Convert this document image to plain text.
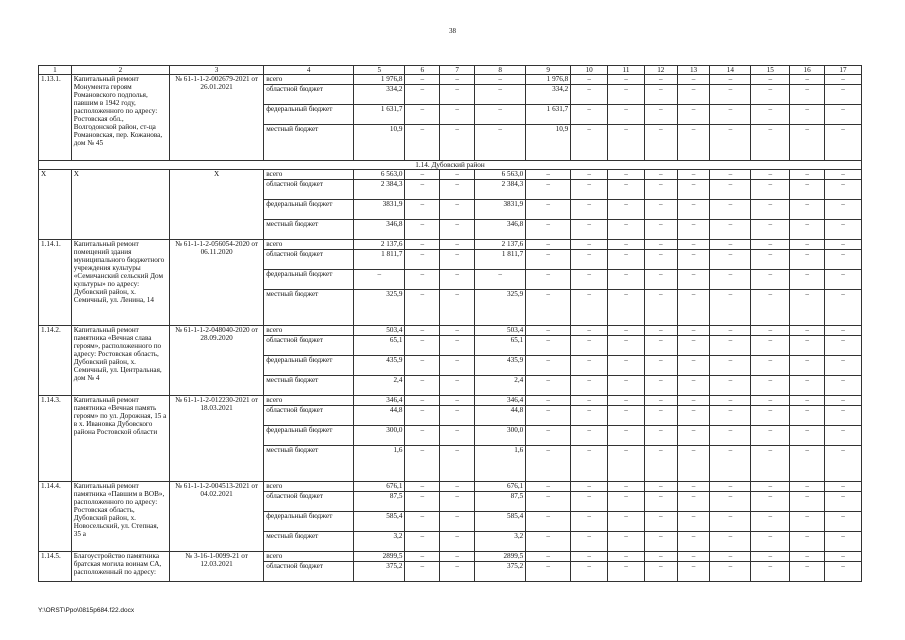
38
1	2	3	4	5	6	7	8	9	10	11	12	13	14	15	16	17
1.13.1.	Капитальный ремонт Монумента героям Романовского подполья, павшим в 1942 году, расположенного по адресу: Ростовская обл., Волгодонской район, ст-ца Романовская, пер. Кожанова, дом № 45	№ 61-1-1-2-002679-2021 от 26.01.2021	всего	1 976,8	–	–	–	1 976,8	–	–	–	–	–	–	–	–
			областной бюджет	334,2	–	–	–	334,2	–	–	–	–	–	–	–	–
			федеральный бюджет	1 631,7	–	–	–	1 631,7	–	–	–	–	–	–	–	–
			местный бюджет	10,9	–	–	–	10,9	–	–	–	–	–	–	–	–
1.14. Дубовский район																
Х	Х	Х	всего	6 563,0	–	–	6 563,0	–	–	–	–	–	–	–	–	–
			областной бюджет	2 384,3	–	–	2 384,3	–	–	–	–	–	–	–	–	–
			федеральный бюджет	3831,9	–	–	3831,9	–	–	–	–	–	–	–	–	–
			местный бюджет	346,8	–	–	346,8	–	–	–	–	–	–	–	–	–
1.14.1.	Капитальный ремонт помещений здания муниципального бюджетного учреждения культуры «Семичанский сельский Дом культуры» по адресу: Дубовский район, х. Семичный, ул. Ленина, 14	№ 61-1-1-2-056054-2020 от 06.11.2020	всего	2 137,6	–	–	2 137,6	–	–	–	–	–	–	–	–	–
			областной бюджет	1 811,7	–	–	1 811,7	–	–	–	–	–	–	–	–	–
			федеральный бюджет	–	–	–	–	–	–	–	–	–	–	–	–	–
			местный бюджет	325,9	–	–	325,9	–	–	–	–	–	–	–	–	–
1.14.2.	Капитальный ремонт памятника «Вечная слава героям», расположенного по адресу: Ростовская область, Дубовский район, х. Семичный, ул. Центральная, дом № 4	№ 61-1-1-2-048040-2020 от 28.09.2020	всего	503,4	–	–	503,4	–	–	–	–	–	–	–	–	–
			областной бюджет	65,1	–	–	65,1	–	–	–	–	–	–	–	–	–
			федеральный бюджет	435,9	–	–	435,9	–	–	–	–	–	–	–	–	–
			местный бюджет	2,4	–	–	2,4	–	–	–	–	–	–	–	–	–
1.14.3.	Капитальный ремонт памятника «Вечная память героям» по ул. Дорожная, 15 а в х. Ивановка Дубовского района Ростовской области	№ 61-1-1-2-012230-2021 от 18.03.2021	всего	346,4	–	–	346,4	–	–	–	–	–	–	–	–	–
			областной бюджет	44,8	–	–	44,8	–	–	–	–	–	–	–	–	–
			федеральный бюджет	300,0	–	–	300,0	–	–	–	–	–	–	–	–	–
			местный бюджет	1,6	–	–	1,6	–	–	–	–	–	–	–	–	–
1.14.4.	Капитальный ремонт памятника «Павшим в ВОВ», расположенного по адресу: Ростовская область, Дубовский район, х. Новосельский, ул. Степная, 35 а	№ 61-1-1-2-004513-2021 от 04.02.2021	всего	676,1	–	–	676,1	–	–	–	–	–	–	–	–	–
			областной бюджет	87,5	–	–	87,5	–	–	–	–	–	–	–	–	–
			федеральный бюджет	585,4	–	–	585,4	–	–	–	–	–	–	–	–	–
			местный бюджет	3,2	–	–	3,2	–	–	–	–	–	–	–	–	–
1.14.5.	Благоустройство памятника братская могила воинам СА, расположенный по адресу:	№ 3-16-1-0099-21 от 12.03.2021	всего	2899,5	–	–	2899,5	–	–	–	–	–	–	–	–	–
			областной бюджет	375,2	–	–	375,2	–	–	–	–	–	–	–	–	–
Y:\ORST\Ppo\0815p684.f22.docx
